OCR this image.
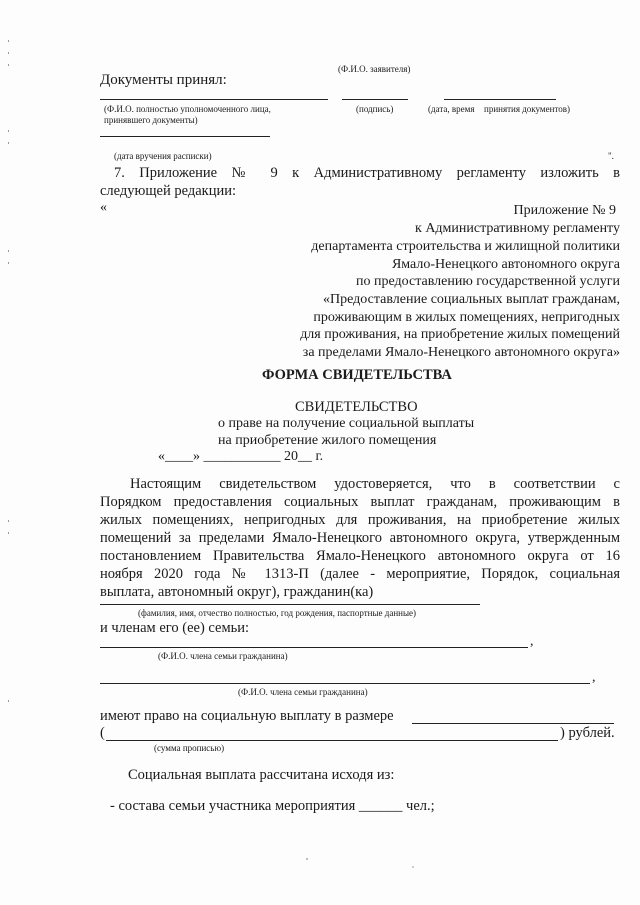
(Ф.И.О. заявителя)
Документы принял:
(Ф.И.О. полностью уполномоченного лица,
принявшего документы)
(подпись)	(дата, время принятия документов)
(дата вручения расписки)	".
7. Приложение № 9 к Административному регламенту изложить в
следующей редакции:
«	Приложение № 9
к Административному регламенту
департамента строительства и жилищной политики
Ямало-Ненецкого автономного округа
по предоставлению государственной услуги
«Предоставление социальных выплат гражданам,
проживающим в жилых помещениях, непригодных
для проживания, на приобретение жилых помещений
за пределами Ямало-Ненецкого автономного округа»
ФОРМА СВИДЕТЕЛЬСТВА
СВИДЕТЕЛЬСТВО
о праве на получение социальной выплаты
на приобретение жилого помещения
«____» ___________ 20__ г.
Настоящим свидетельством удостоверяется, что в соответствии с
Порядком предоставления социальных выплат гражданам, проживающим в
жилых помещениях, непригодных для проживания, на приобретение жилых
помещений за пределами Ямало-Ненецкого автономного округа, утвержденным
постановлением Правительства Ямало-Ненецкого автономного округа от 16
ноября 2020 года № 1313-П (далее - мероприятие, Порядок, социальная
выплата, автономный округ), гражданин(ка)
(фамилия, имя, отчество полностью, год рождения, паспортные данные)
и членам его (ее) семьи:
,
(Ф.И.О. члена семьи гражданина)
,
(Ф.И.О. члена семьи гражданина)
имеют право на социальную выплату в размере
(	) рублей.
(сумма прописью)
Социальная выплата рассчитана исходя из:
- состава семьи участника мероприятия ______ чел.;
